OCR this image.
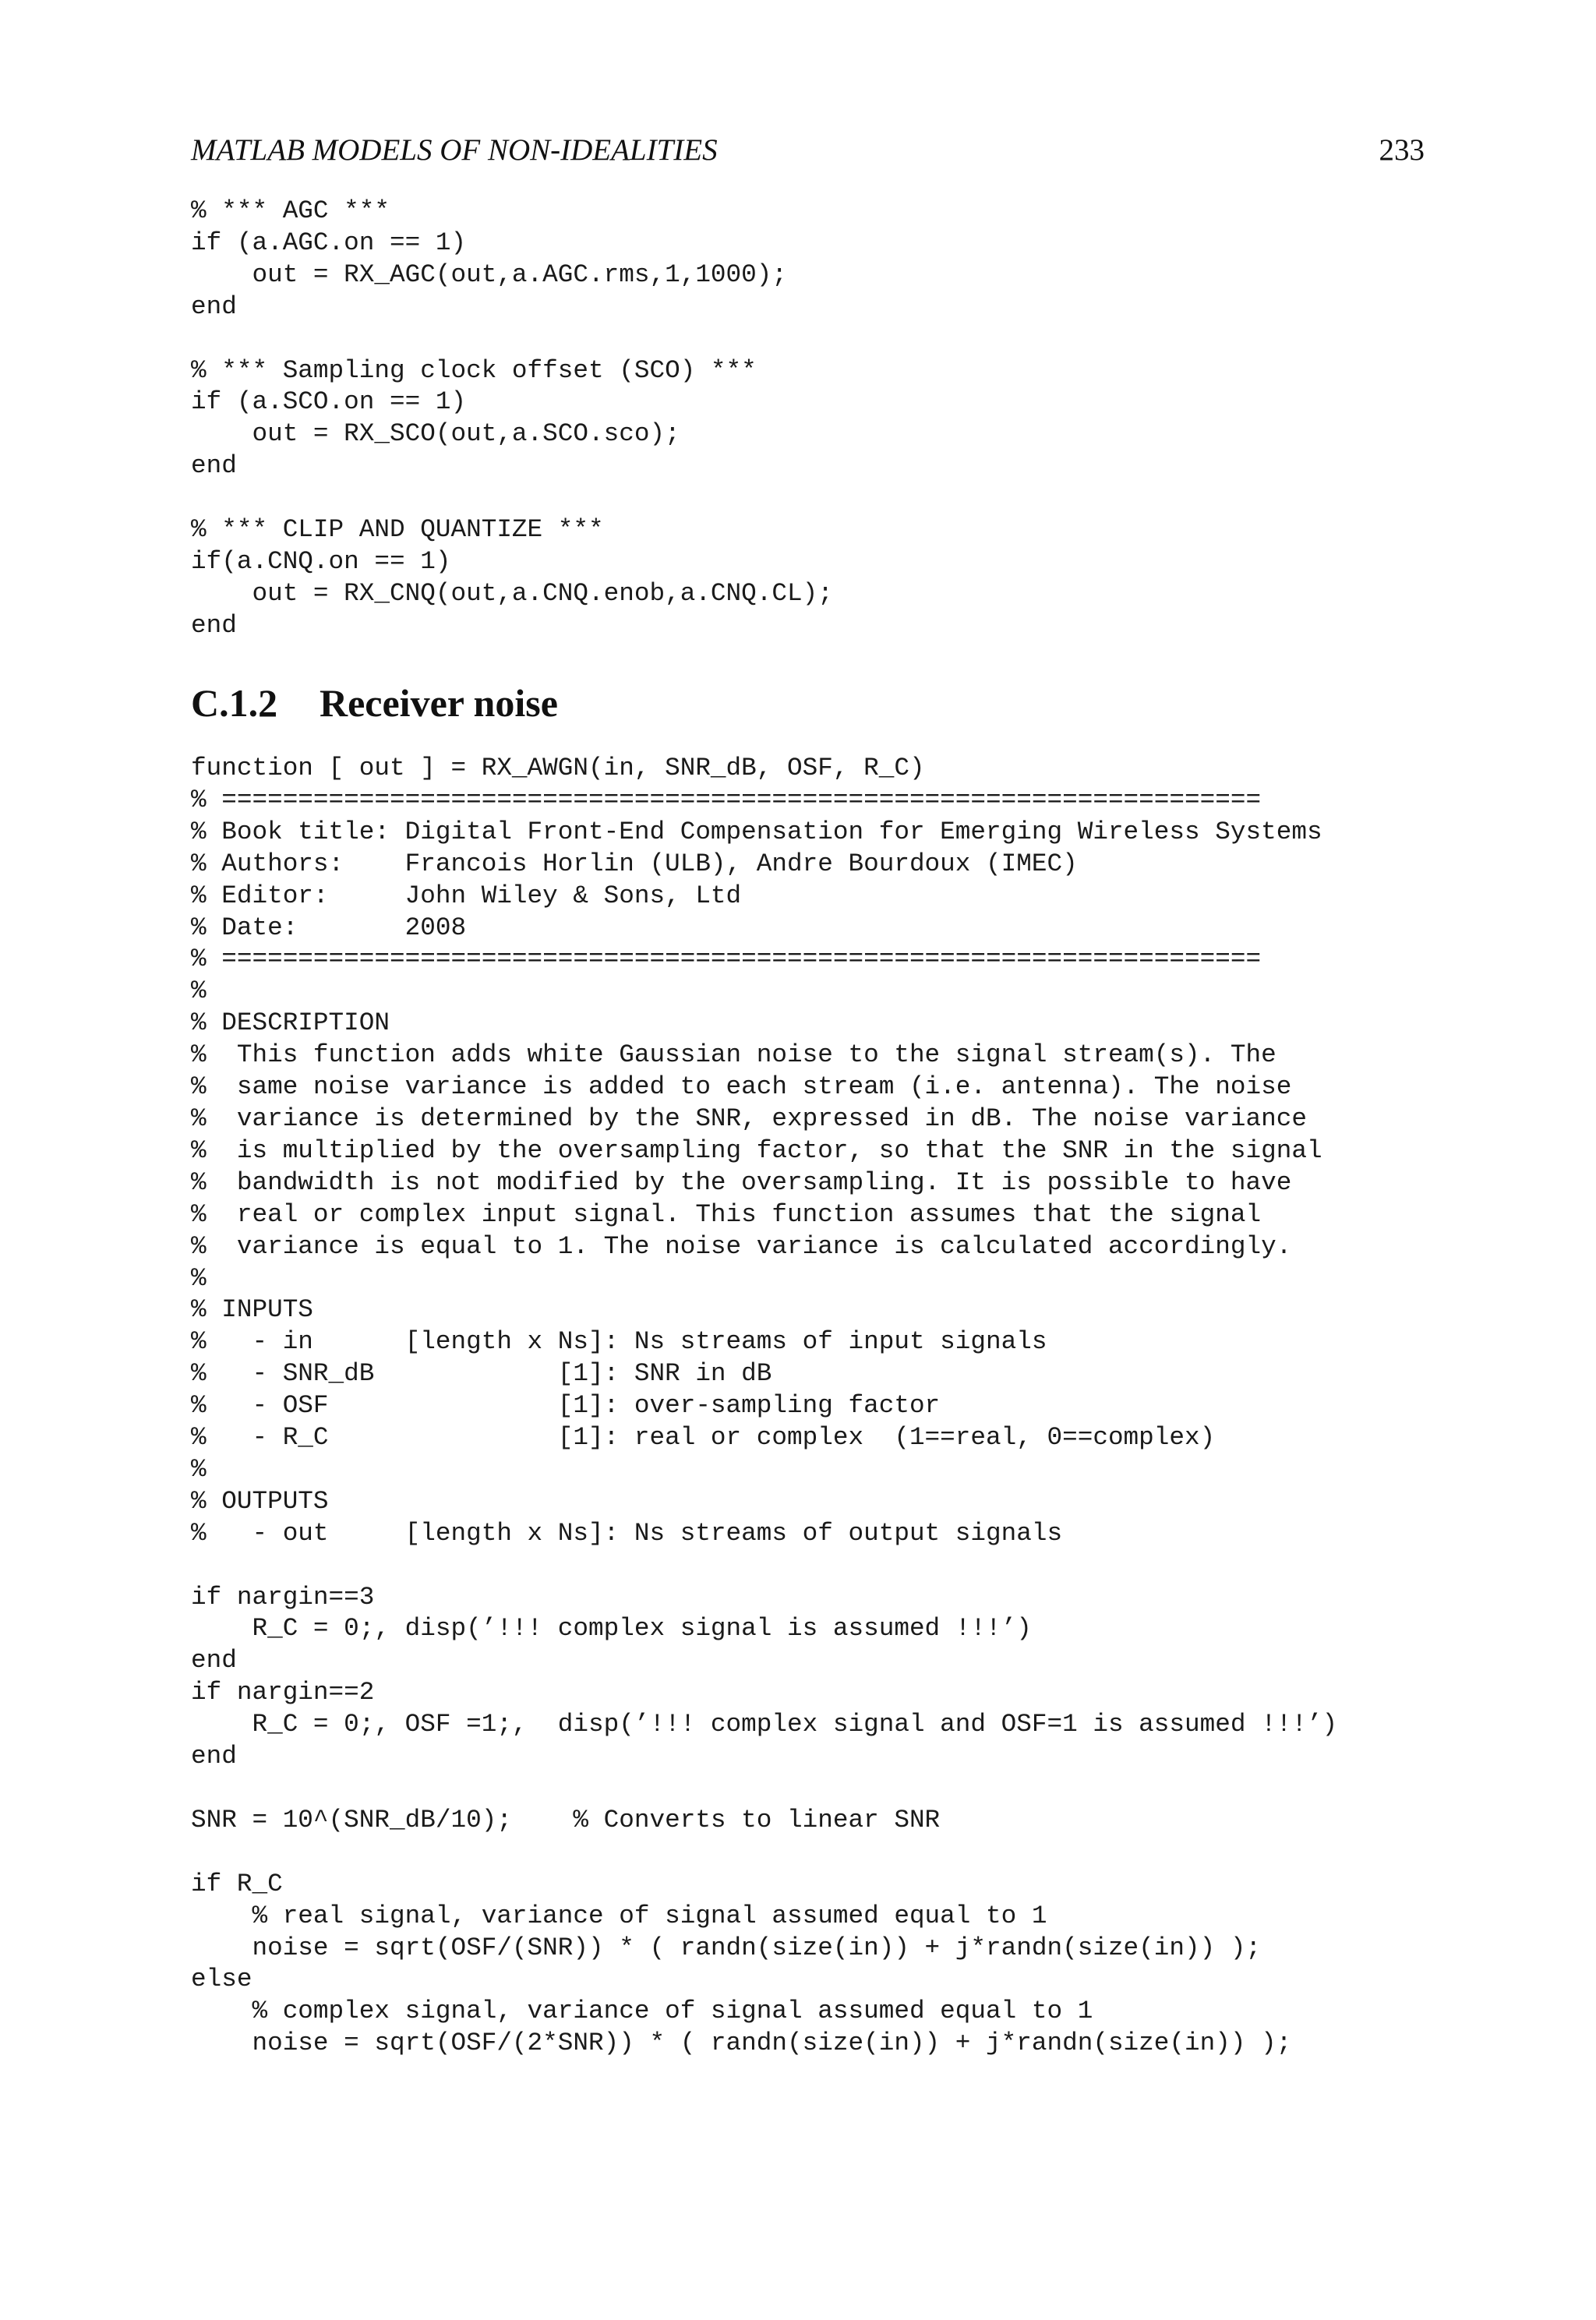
MATLAB MODELS OF NON-IDEALITIES	233
% *** AGC ***
if (a.AGC.on == 1)
out = RX_AGC(out,a.AGC.rms,1,1000);
end

% *** Sampling clock offset (SCO) ***
if (a.SCO.on == 1)
out = RX_SCO(out,a.SCO.sco);
end

% *** CLIP AND QUANTIZE ***
if(a.CNQ.on == 1)
out = RX_CNQ(out,a.CNQ.enob,a.CNQ.CL);
end
C.1.2 Receiver noise
function [ out ] = RX_AWGN(in, SNR_dB, OSF, R_C)
% ====================================================================
% Book title: Digital Front-End Compensation for Emerging Wireless Systems
% Authors:    Francois Horlin (ULB), Andre Bourdoux (IMEC)
% Editor:     John Wiley & Sons, Ltd
% Date:       2008
% ====================================================================
%
% DESCRIPTION
%  This function adds white Gaussian noise to the signal stream(s). The
%  same noise variance is added to each stream (i.e. antenna). The noise
%  variance is determined by the SNR, expressed in dB. The noise variance
%  is multiplied by the oversampling factor, so that the SNR in the signal
%  bandwidth is not modified by the oversampling. It is possible to have
%  real or complex input signal. This function assumes that the signal
%  variance is equal to 1. The noise variance is calculated accordingly.
%
% INPUTS
%   - in      [length x Ns]: Ns streams of input signals
%   - SNR_dB            [1]: SNR in dB
%   - OSF               [1]: over-sampling factor
%   - R_C               [1]: real or complex  (1==real, 0==complex)
%
% OUTPUTS
%   - out     [length x Ns]: Ns streams of output signals

if nargin==3
R_C = 0;, disp(’!!! complex signal is assumed !!!’)
end
if nargin==2
R_C = 0;, OSF =1;,  disp(’!!! complex signal and OSF=1 is assumed !!!’)
end

SNR = 10^(SNR_dB/10);    % Converts to linear SNR

if R_C
% real signal, variance of signal assumed equal to 1
noise = sqrt(OSF/(SNR)) * ( randn(size(in)) + j*randn(size(in)) );
else
% complex signal, variance of signal assumed equal to 1
noise = sqrt(OSF/(2*SNR)) * ( randn(size(in)) + j*randn(size(in)) );
